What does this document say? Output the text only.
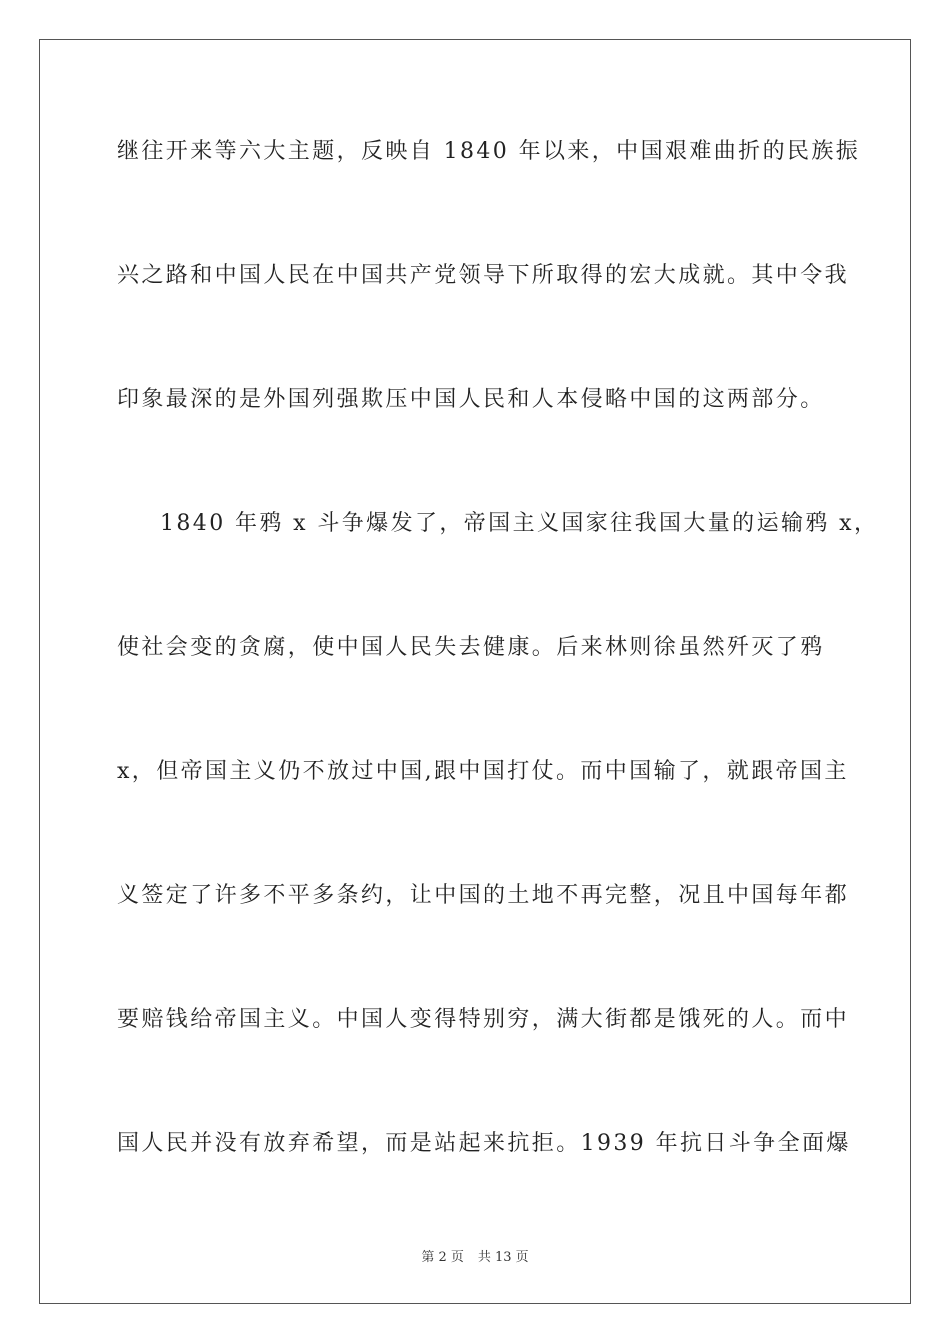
继往开来等六大主题，反映自 1840 年以来，中国艰难曲折的民族振
兴之路和中国人民在中国共产党领导下所取得的宏大成就。其中令我
印象最深的是外国列强欺压中国人民和人本侵略中国的这两部分。
1840 年鸦 x 斗争爆发了，帝国主义国家往我国大量的运输鸦 x，
使社会变的贪腐，使中国人民失去健康。后来林则徐虽然歼灭了鸦
x，但帝国主义仍不放过中国,跟中国打仗。而中国输了，就跟帝国主
义签定了许多不平多条约，让中国的土地不再完整，况且中国每年都
要赔钱给帝国主义。中国人变得特别穷，满大街都是饿死的人。而中
国人民并没有放弃希望，而是站起来抗拒。1939 年抗日斗争全面爆
第 2 页 共 13 页
